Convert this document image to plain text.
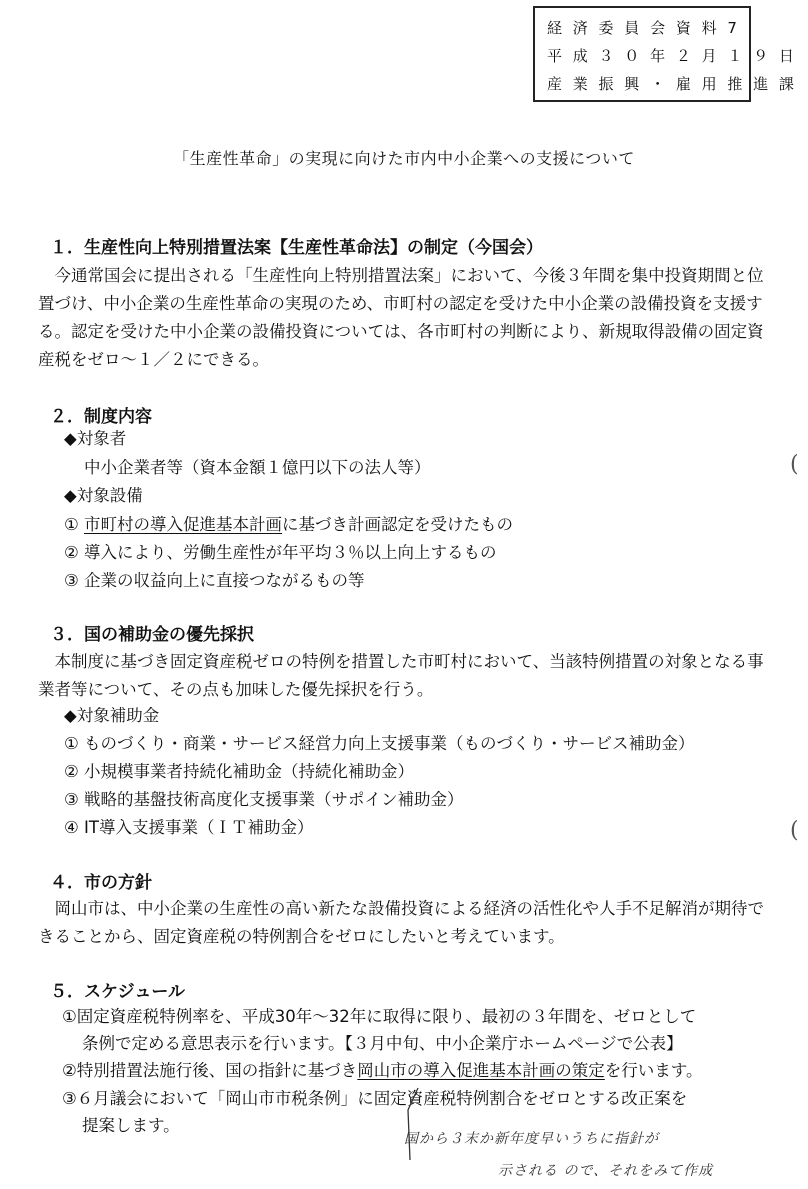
経 済 委 員 会 資 料 7
平 成 ３ ０ 年 ２ 月 １ ９ 日
産 業 振 興 ・ 雇 用 推 進 課
「生産性革命」の実現に向けた市内中小企業への支援について
１．生産性向上特別措置法案【生産性革命法】の制定（今国会）
今通常国会に提出される「生産性向上特別措置法案」において、今後３年間を集中投資期間と位置づけ、中小企業の生産性革命の実現のため、市町村の認定を受けた中小企業の設備投資を支援する。認定を受けた中小企業の設備投資については、各市町村の判断により、新規取得設備の固定資産税をゼロ～１／２にできる。
２．制度内容
◆対象者
中小企業者等（資本金額１億円以下の法人等）
◆対象設備
① 市町村の導入促進基本計画に基づき計画認定を受けたもの
② 導入により、労働生産性が年平均３％以上向上するもの
③ 企業の収益向上に直接つながるもの等
３．国の補助金の優先採択
本制度に基づき固定資産税ゼロの特例を措置した市町村において、当該特例措置の対象となる事業者等について、その点も加味した優先採択を行う。
◆対象補助金
① ものづくり・商業・サービス経営力向上支援事業（ものづくり・サービス補助金）
② 小規模事業者持続化補助金（持続化補助金）
③ 戦略的基盤技術高度化支援事業（サポイン補助金）
④ IT導入支援事業（ＩＴ補助金）
４．市の方針
岡山市は、中小企業の生産性の高い新たな設備投資による経済の活性化や人手不足解消が期待できることから、固定資産税の特例割合をゼロにしたいと考えています。
５．スケジュール
①固定資産税特例率を、平成30年～32年に取得に限り、最初の３年間を、ゼロとして
条例で定める意思表示を行います。【３月中旬、中小企業庁ホームページで公表】
②特別措置法施行後、国の指針に基づき岡山市の導入促進基本計画の策定を行います。
③６月議会において「岡山市市税条例」に固定資産税特例割合をゼロとする改正案を
提案します。
(
(
国から３末か新年度早いうちに指針が
示される ので、それをみて作成
